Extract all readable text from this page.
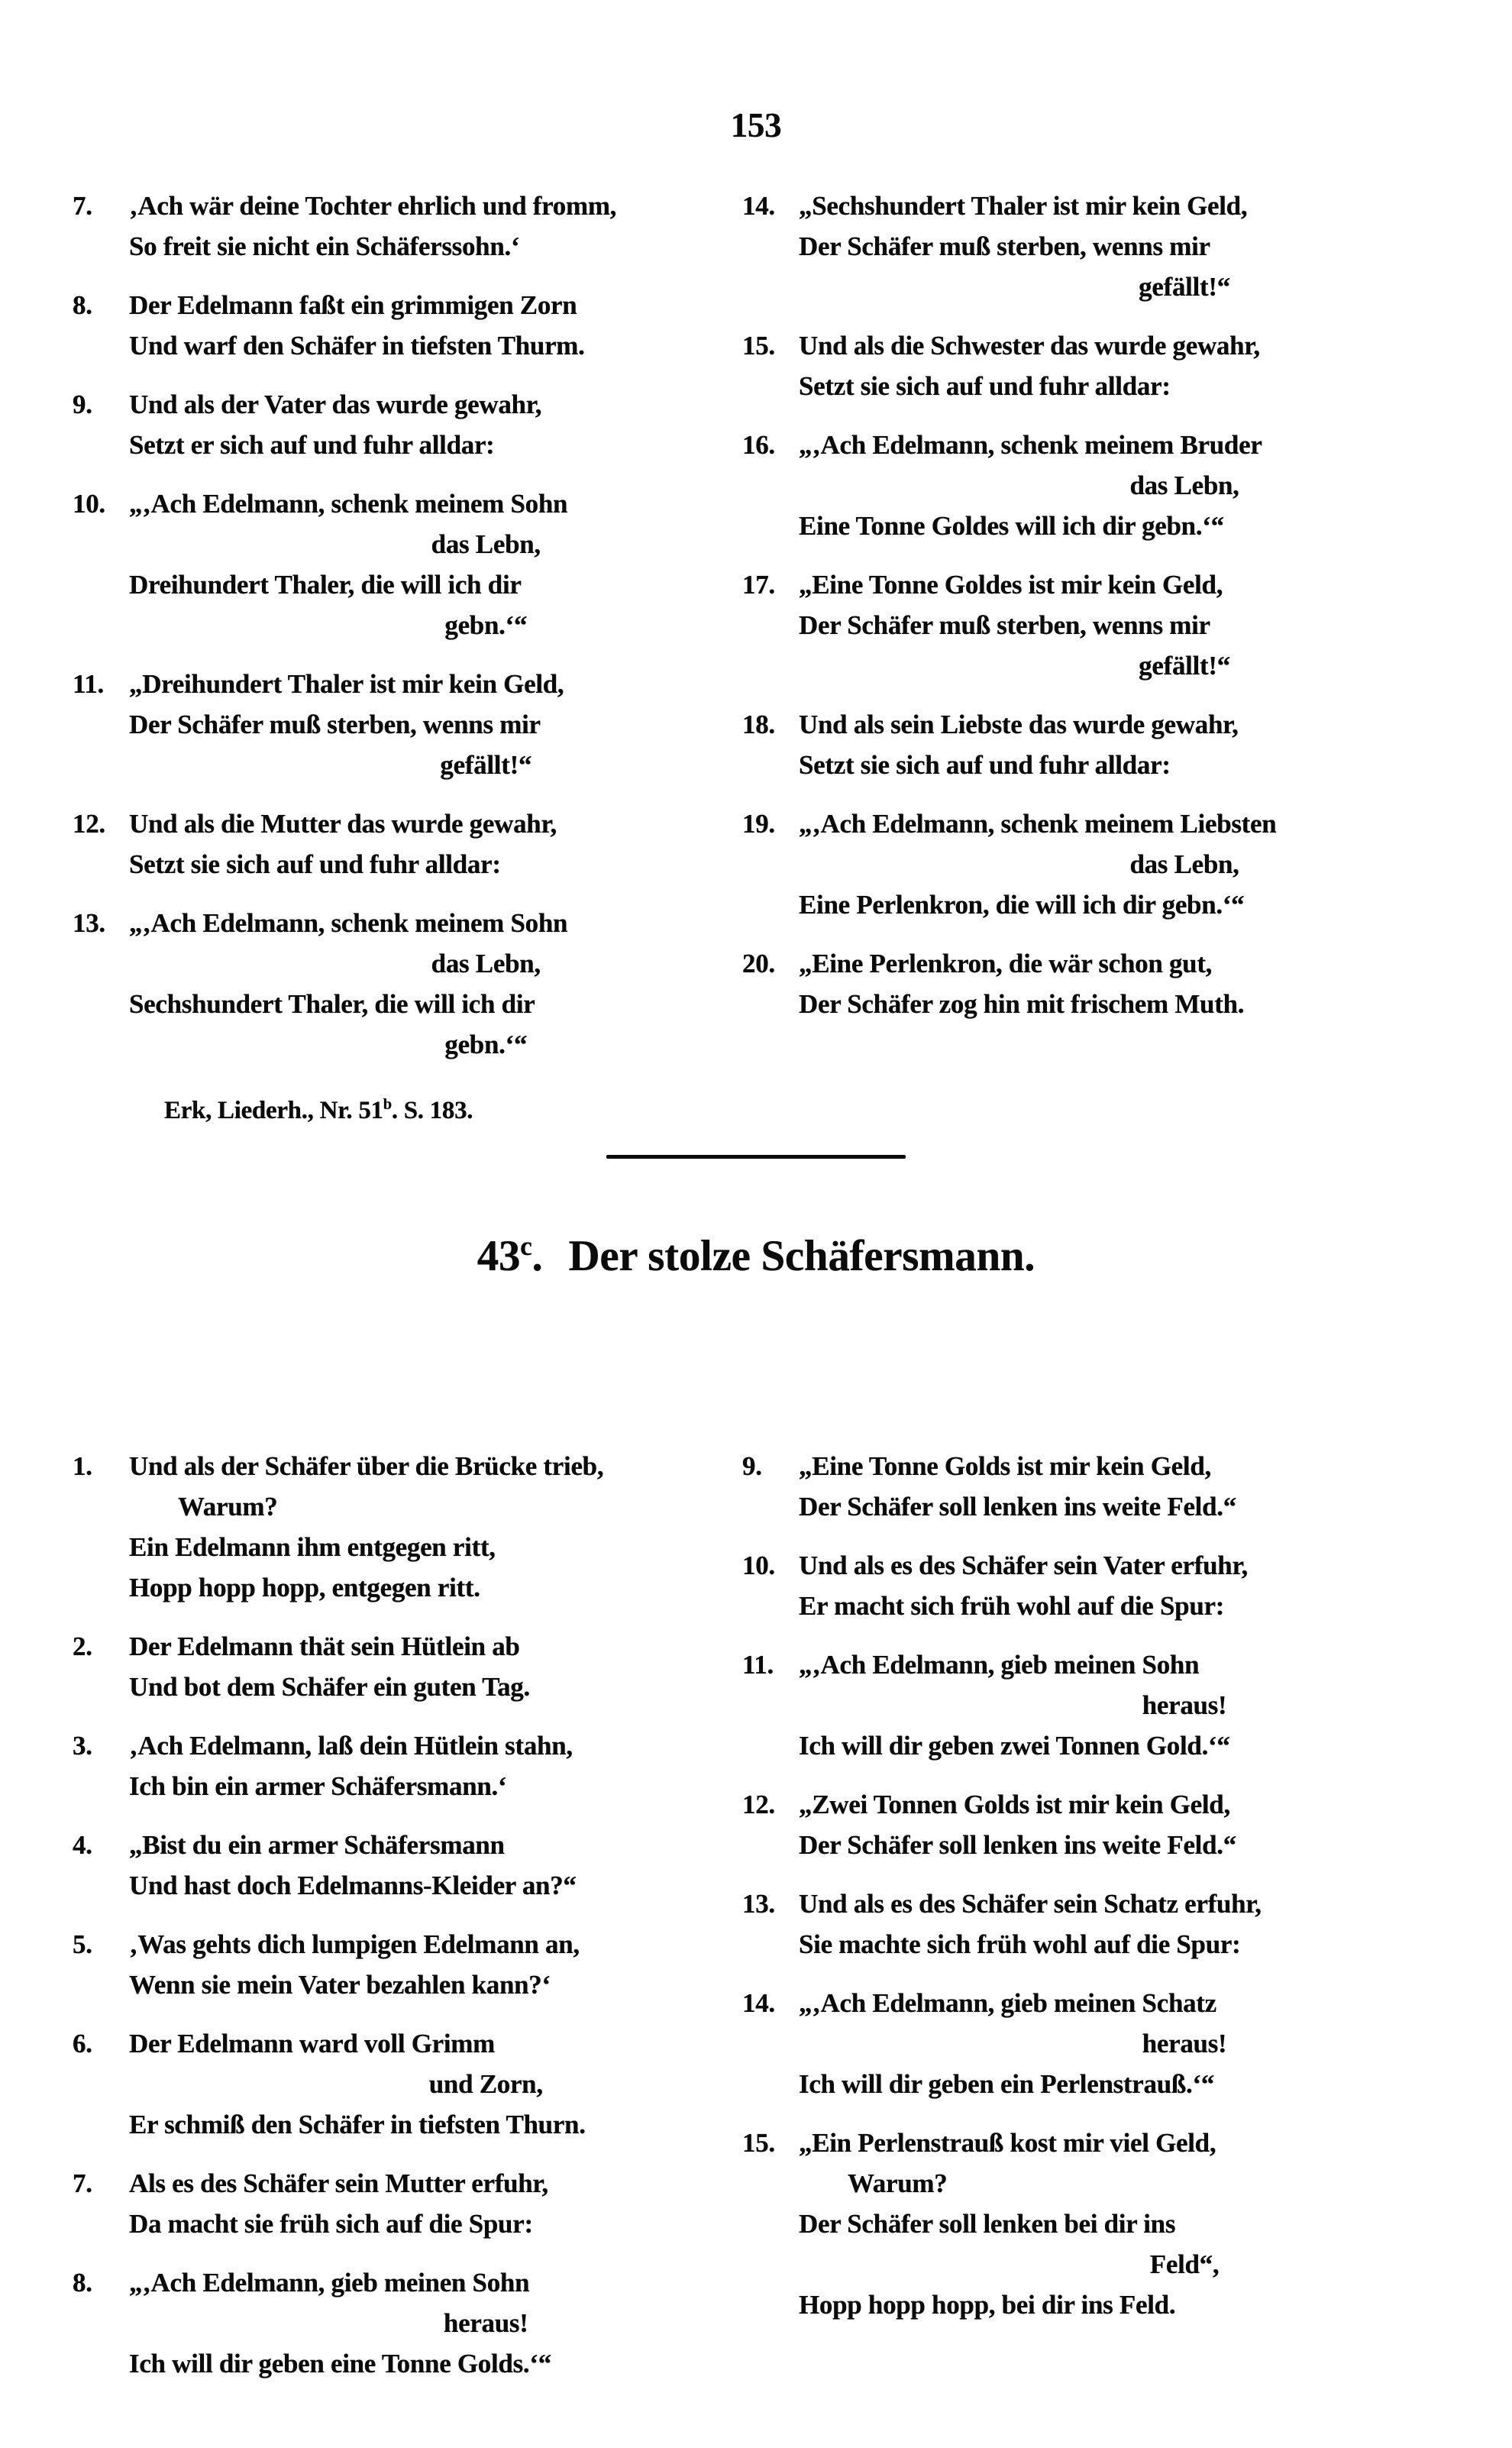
153
7.	‚Ach wär deine Tochter ehrlich und fromm,
So freit sie nicht ein Schäferssohn.‘
8.	Der Edelmann faßt ein grimmigen Zorn
Und warf den Schäfer in tiefsten Thurm.
9.	Und als der Vater das wurde gewahr,
Setzt er sich auf und fuhr alldar:
10. „‚Ach Edelmann, schenk meinem Sohn
das Lebn,
Dreihundert Thaler, die will ich dir
gebn.‘“
11. „Dreihundert Thaler ist mir kein Geld,
Der Schäfer muß sterben, wenns mir
gefällt!“
12. Und als die Mutter das wurde gewahr,
Setzt sie sich auf und fuhr alldar:
13. „‚Ach Edelmann, schenk meinem Sohn
das Lebn,
Sechshundert Thaler, die will ich dir
gebn.‘“
Erk, Liederh., Nr. 51$^b$. S. 183.
14. „Sechshundert Thaler ist mir kein Geld,
Der Schäfer muß sterben, wenns mir
gefällt!“
15. Und als die Schwester das wurde gewahr,
Setzt sie sich auf und fuhr alldar:
16. „‚Ach Edelmann, schenk meinem Bruder
das Lebn,
Eine Tonne Goldes will ich dir gebn.‘“
17. „Eine Tonne Goldes ist mir kein Geld,
Der Schäfer muß sterben, wenns mir
gefällt!“
18. Und als sein Liebste das wurde gewahr,
Setzt sie sich auf und fuhr alldar:
19. „‚Ach Edelmann, schenk meinem Liebsten
das Lebn,
Eine Perlenkron, die will ich dir gebn.‘“
20. „Eine Perlenkron, die wär schon gut,
Der Schäfer zog hin mit frischem Muth.
43$^c$. Der stolze Schäfersmann.
1.	Und als der Schäfer über die Brücke trieb,
Warum?
Ein Edelmann ihm entgegen ritt,
Hopp hopp hopp, entgegen ritt.
2.	Der Edelmann thät sein Hütlein ab
Und bot dem Schäfer ein guten Tag.
3.	‚Ach Edelmann, laß dein Hütlein stahn,
Ich bin ein armer Schäfersmann.‘
4.	„Bist du ein armer Schäfersmann
Und hast doch Edelmanns-Kleider an?“
5.	‚Was gehts dich lumpigen Edelmann an,
Wenn sie mein Vater bezahlen kann?‘
6.	Der Edelmann ward voll Grimm
und Zorn,
Er schmiß den Schäfer in tiefsten Thurn.
7.	Als es des Schäfer sein Mutter erfuhr,
Da macht sie früh sich auf die Spur:
8.	„‚Ach Edelmann, gieb meinen Sohn
heraus!
Ich will dir geben eine Tonne Golds.‘“
9.	„Eine Tonne Golds ist mir kein Geld,
Der Schäfer soll lenken ins weite Feld.“
10. Und als es des Schäfer sein Vater erfuhr,
Er macht sich früh wohl auf die Spur:
11. „‚Ach Edelmann, gieb meinen Sohn
heraus!
Ich will dir geben zwei Tonnen Gold.‘“
12. „Zwei Tonnen Golds ist mir kein Geld,
Der Schäfer soll lenken ins weite Feld.“
13. Und als es des Schäfer sein Schatz erfuhr,
Sie machte sich früh wohl auf die Spur:
14. „‚Ach Edelmann, gieb meinen Schatz
heraus!
Ich will dir geben ein Perlenstrauß.‘“
15. „Ein Perlenstrauß kost mir viel Geld,
Warum?
Der Schäfer soll lenken bei dir ins
Feld“,
Hopp hopp hopp, bei dir ins Feld.
